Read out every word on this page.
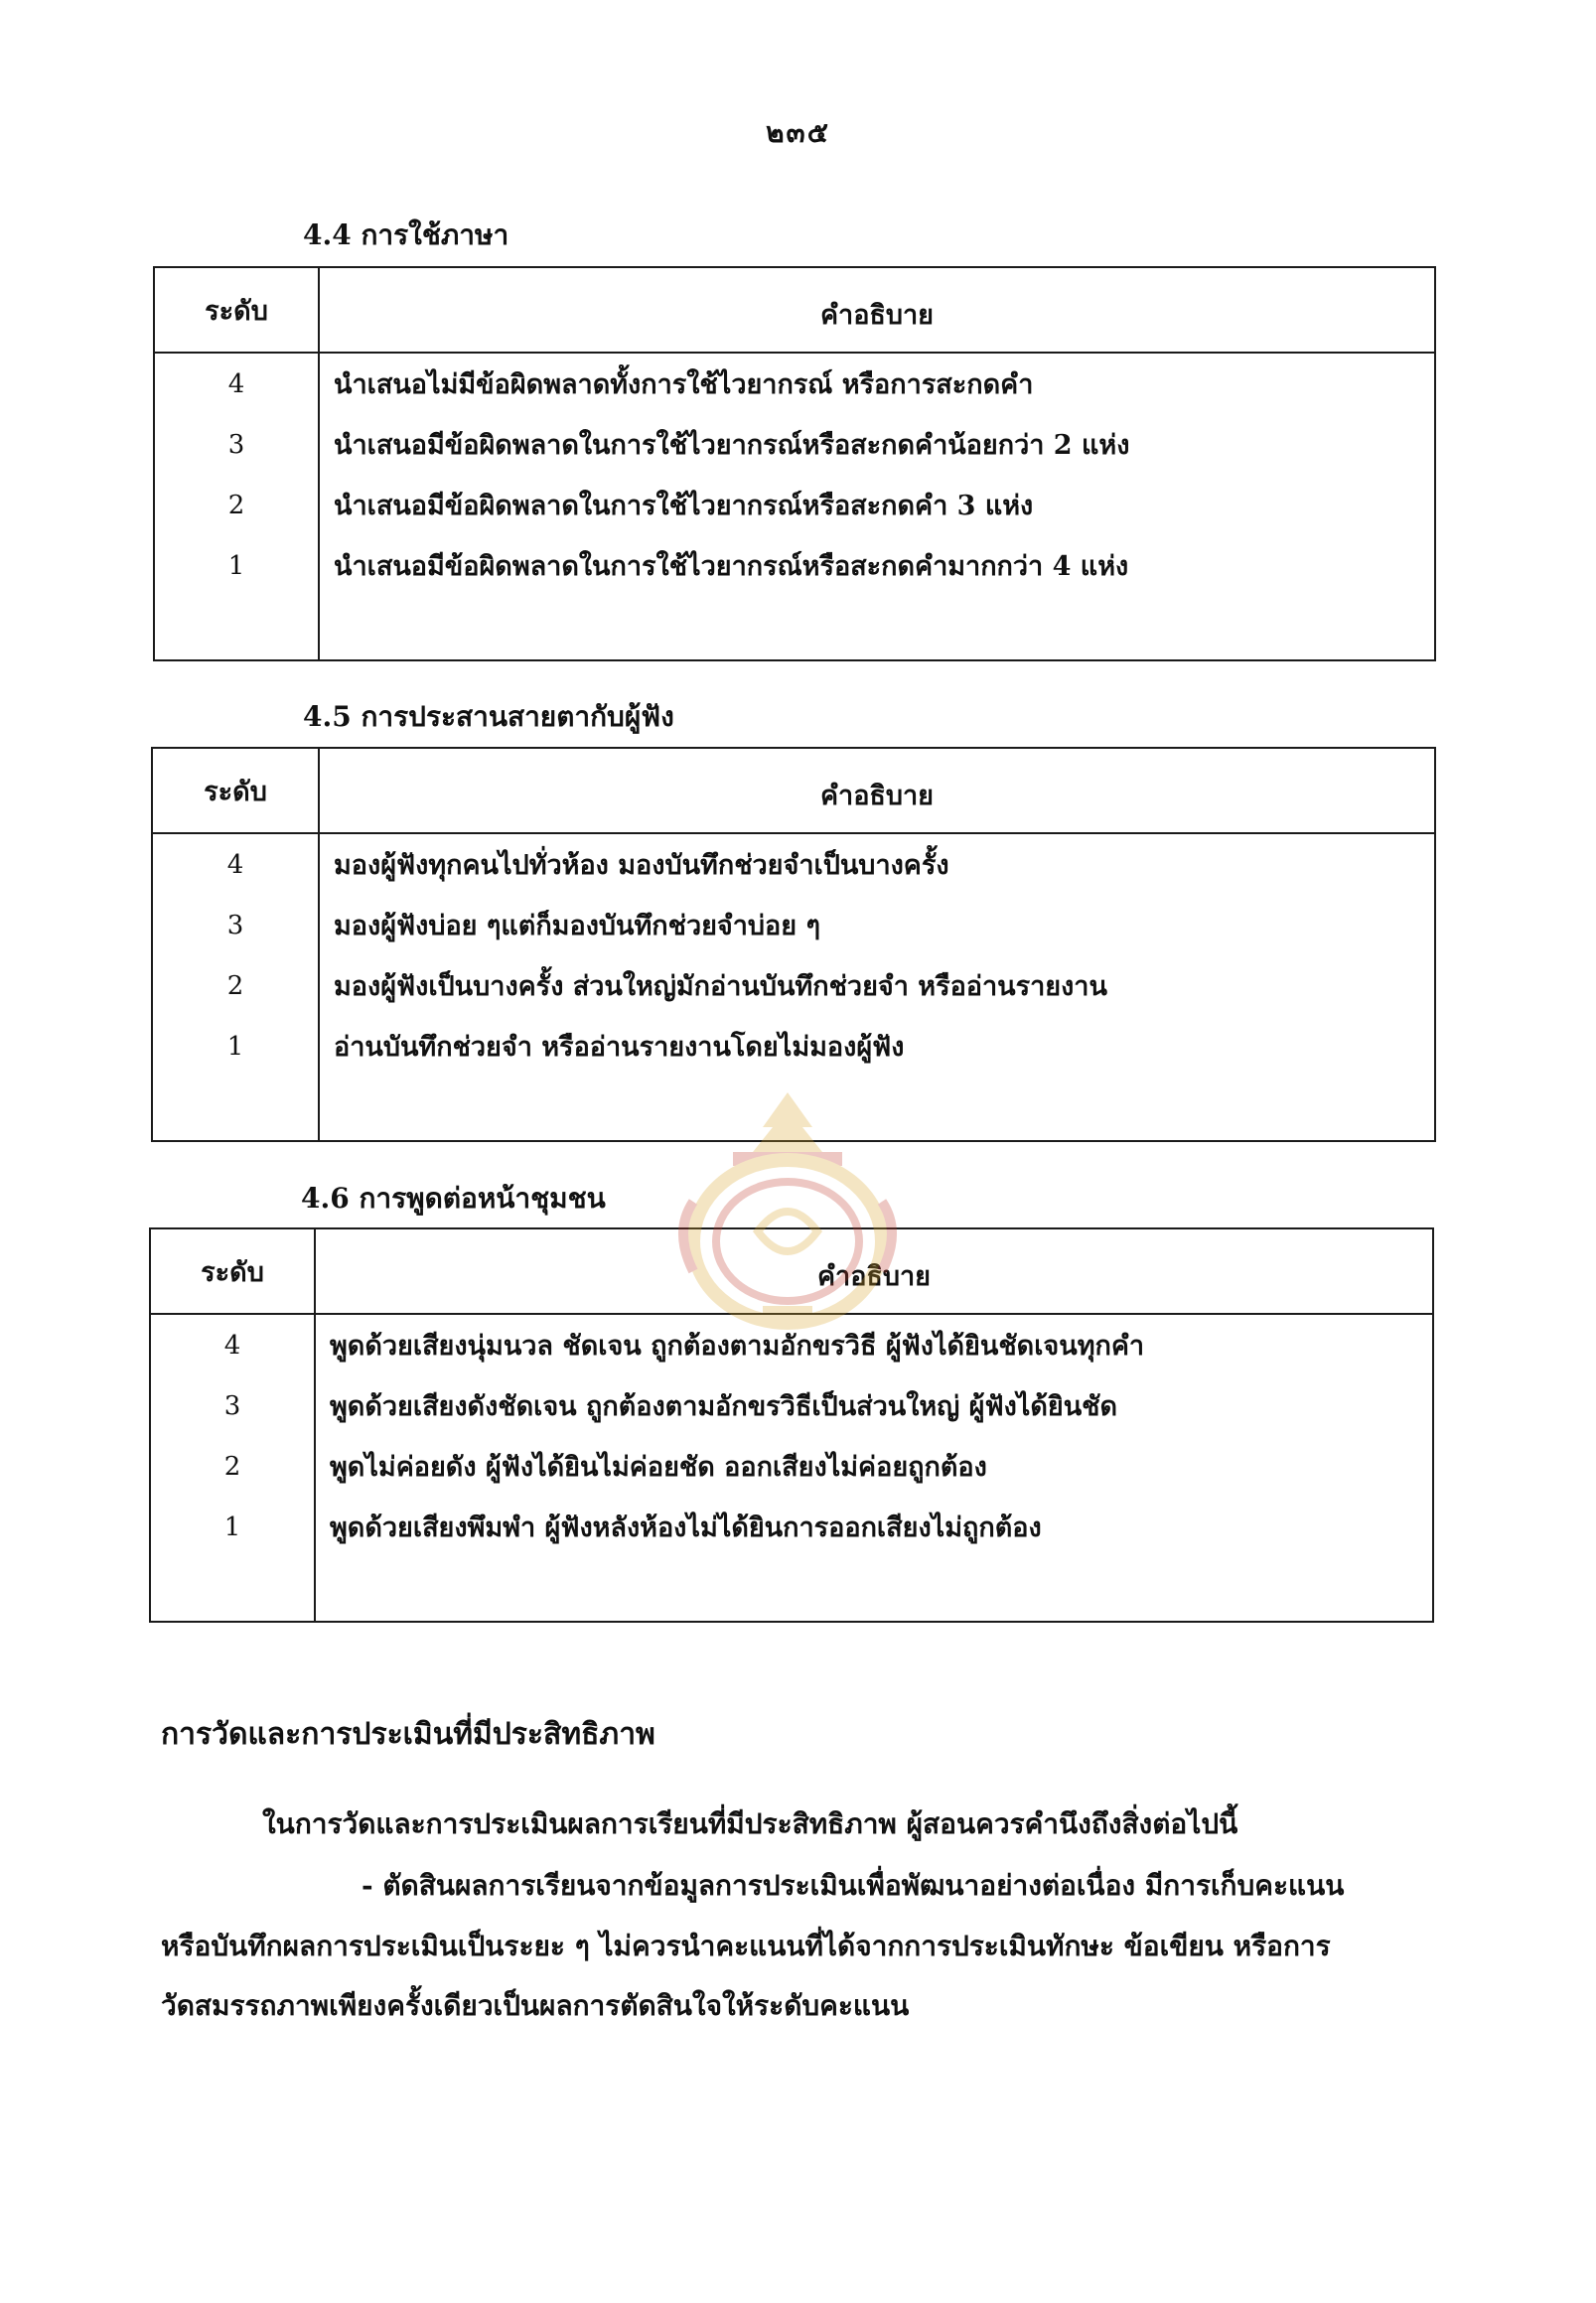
๒๓๕
4.4 การใช้ภาษา
ระดับ	คำอธิบาย
4	นำเสนอไม่มีข้อผิดพลาดทั้งการใช้ไวยากรณ์ หรือการสะกดคำ
3	นำเสนอมีข้อผิดพลาดในการใช้ไวยากรณ์หรือสะกดคำน้อยกว่า 2 แห่ง
2	นำเสนอมีข้อผิดพลาดในการใช้ไวยากรณ์หรือสะกดคำ 3 แห่ง
1	นำเสนอมีข้อผิดพลาดในการใช้ไวยากรณ์หรือสะกดคำมากกว่า 4 แห่ง

4.5 การประสานสายตากับผู้ฟัง
ระดับ	คำอธิบาย
4	มองผู้ฟังทุกคนไปทั่วห้อง มองบันทึกช่วยจำเป็นบางครั้ง
3	มองผู้ฟังบ่อย ๆแต่ก็มองบันทึกช่วยจำบ่อย ๆ
2	มองผู้ฟังเป็นบางครั้ง ส่วนใหญ่มักอ่านบันทึกช่วยจำ หรืออ่านรายงาน
1	อ่านบันทึกช่วยจำ หรืออ่านรายงานโดยไม่มองผู้ฟัง

4.6 การพูดต่อหน้าชุมชน
ระดับ	คำอธิบาย
4	พูดด้วยเสียงนุ่มนวล ชัดเจน ถูกต้องตามอักขรวิธี ผู้ฟังได้ยินชัดเจนทุกคำ
3	พูดด้วยเสียงดังชัดเจน ถูกต้องตามอักขรวิธีเป็นส่วนใหญ่ ผู้ฟังได้ยินชัด
2	พูดไม่ค่อยดัง ผู้ฟังได้ยินไม่ค่อยชัด ออกเสียงไม่ค่อยถูกต้อง
1	พูดด้วยเสียงพึมพำ ผู้ฟังหลังห้องไม่ได้ยินการออกเสียงไม่ถูกต้อง

การวัดและการประเมินที่มีประสิทธิภาพ
ในการวัดและการประเมินผลการเรียนที่มีประสิทธิภาพ ผู้สอนควรคำนึงถึงสิ่งต่อไปนี้
- ตัดสินผลการเรียนจากข้อมูลการประเมินเพื่อพัฒนาอย่างต่อเนื่อง มีการเก็บคะแนน
หรือบันทึกผลการประเมินเป็นระยะ ๆ ไม่ควรนำคะแนนที่ได้จากการประเมินทักษะ ข้อเขียน หรือการ
วัดสมรรถภาพเพียงครั้งเดียวเป็นผลการตัดสินใจให้ระดับคะแนน
